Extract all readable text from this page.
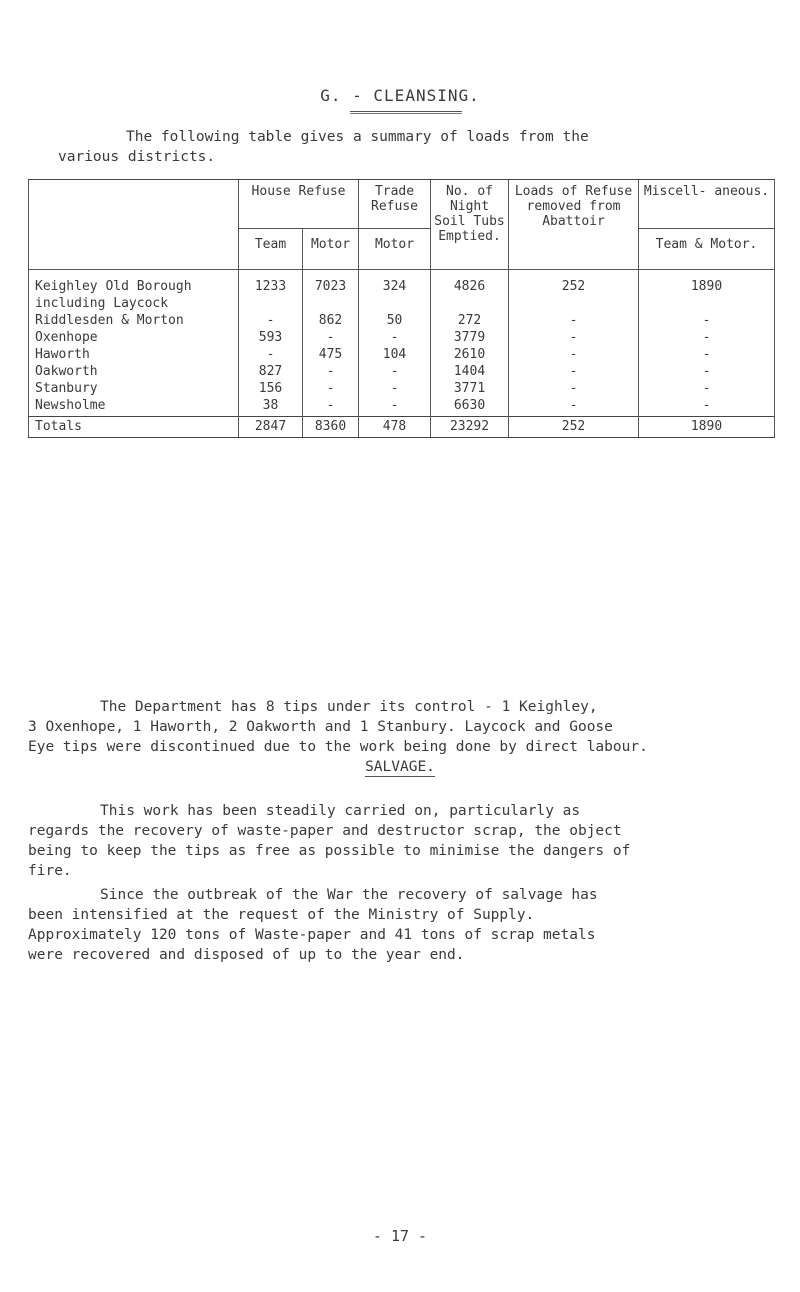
G. - CLEANSING.
The following table gives a summary of loads from the
various districts.
	House Refuse		Trade Refuse	No. of Night Soil Tubs Emptied.	Loads of Refuse removed from Abattoir	Miscell- aneous.
	Team	Motor	Motor			Team & Motor.
Keighley Old Borough including Laycock	1233	7023	324	4826	252	1890
Riddlesden & Morton	-	862	50	272	-	-
Oxenhope	593	-	-	3779	-	-
Haworth	-	475	104	2610	-	-
Oakworth	827	-	-	1404	-	-
Stanbury	156	-	-	3771	-	-
Newsholme	38	-	-	6630	-	-
Totals	2847	8360	478	23292	252	1890
The Department has 8 tips under its control - 1 Keighley,
3 Oxenhope, 1 Haworth, 2 Oakworth and 1 Stanbury. Laycock and Goose
Eye tips were discontinued due to the work being done by direct labour.
SALVAGE.
This work has been steadily carried on, particularly as
regards the recovery of waste-paper and destructor scrap, the object
being to keep the tips as free as possible to minimise the dangers of
fire.
Since the outbreak of the War the recovery of salvage has
been intensified at the request of the Ministry of Supply.
Approximately 120 tons of Waste-paper and 41 tons of scrap metals
were recovered and disposed of up to the year end.
- 17 -
